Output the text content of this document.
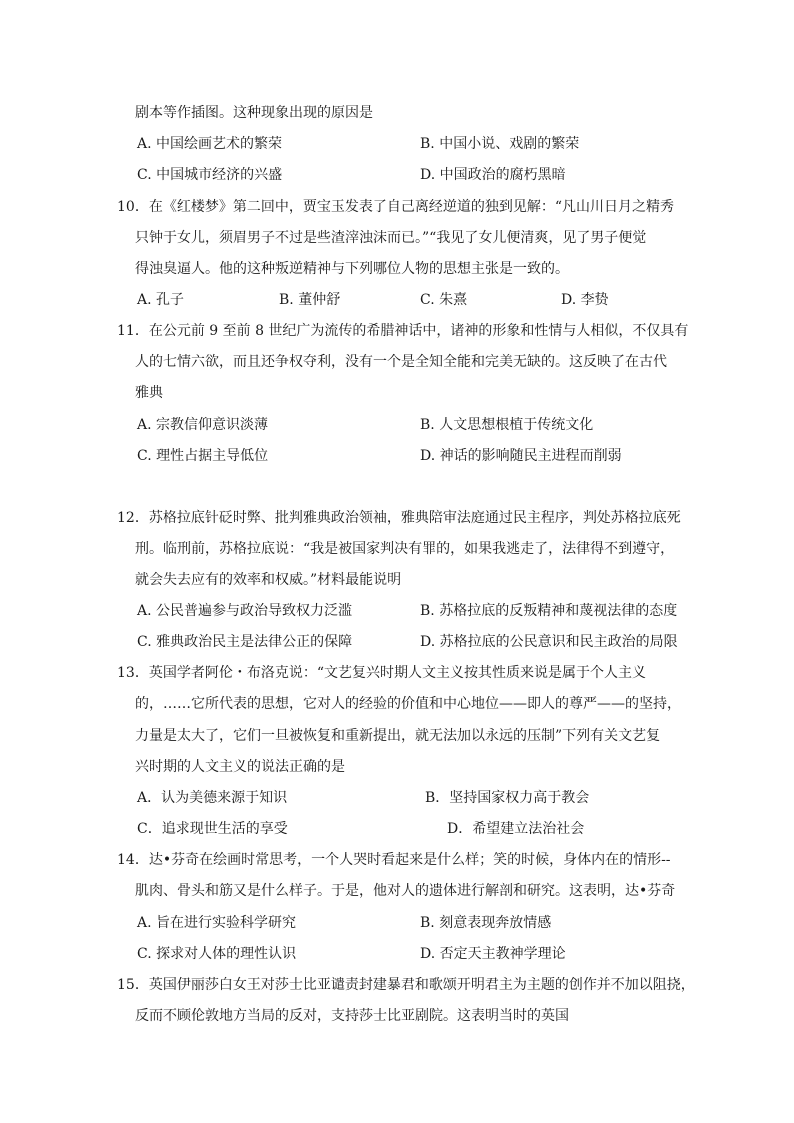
剧本等作插图。这种现象出现的原因是
10．在《红楼梦》第二回中，贾宝玉发表了自己离经逆道的独到见解：“凡山川日月之精秀
只钟于女儿，须眉男子不过是些渣滓浊沫而已。”“我见了女儿便清爽，见了男子便觉
得浊臭逼人。他的这种叛逆精神与下列哪位人物的思想主张是一致的。
11．在公元前 9 至前 8 世纪广为流传的希腊神话中，诸神的形象和性情与人相似，不仅具有
人的七情六欲，而且还争权夺利，没有一个是全知全能和完美无缺的。这反映了在古代
雅典
12．苏格拉底针砭时弊、批判雅典政治领袖，雅典陪审法庭通过民主程序，判处苏格拉底死
刑。临刑前，苏格拉底说：“我是被国家判决有罪的，如果我逃走了，法律得不到遵守，
就会失去应有的效率和权威。”材料最能说明
13．英国学者阿伦・布洛克说：“文艺复兴时期人文主义按其性质来说是属于个人主义
的，……它所代表的思想，它对人的经验的价值和中心地位——即人的尊严——的坚持，
力量是太大了，它们一旦被恢复和重新提出，就无法加以永远的压制”下列有关文艺复
兴时期的人文主义的说法正确的是
14．达•芬奇在绘画时常思考，一个人哭时看起来是什么样；笑的时候，身体内在的情形--
肌肉、骨头和筋又是什么样子。于是，他对人的遗体进行解剖和研究。这表明，达•芬奇
15．英国伊丽莎白女王对莎士比亚谴责封建暴君和歌颂开明君主为主题的创作并不加以阻挠，
反而不顾伦敦地方当局的反对，支持莎士比亚剧院。这表明当时的英国
A. 中国绘画艺术的繁荣	B. 中国小说、戏剧的繁荣
C. 中国城市经济的兴盛	D. 中国政治的腐朽黑暗
A. 孔子	B. 董仲舒	C. 朱熹	D. 李贽
A. 宗教信仰意识淡薄	B. 人文思想根植于传统文化
C. 理性占据主导低位	D. 神话的影响随民主进程而削弱
A. 公民普遍参与政治导致权力泛滥	B. 苏格拉底的反叛精神和蔑视法律的态度
C. 雅典政治民主是法律公正的保障	D. 苏格拉底的公民意识和民主政治的局限
A．认为美德来源于知识	B．坚持国家权力高于教会
C．追求现世生活的享受	D．希望建立法治社会
A. 旨在进行实验科学研究	B. 刻意表现奔放情感
C. 探求对人体的理性认识	D. 否定天主教神学理论
